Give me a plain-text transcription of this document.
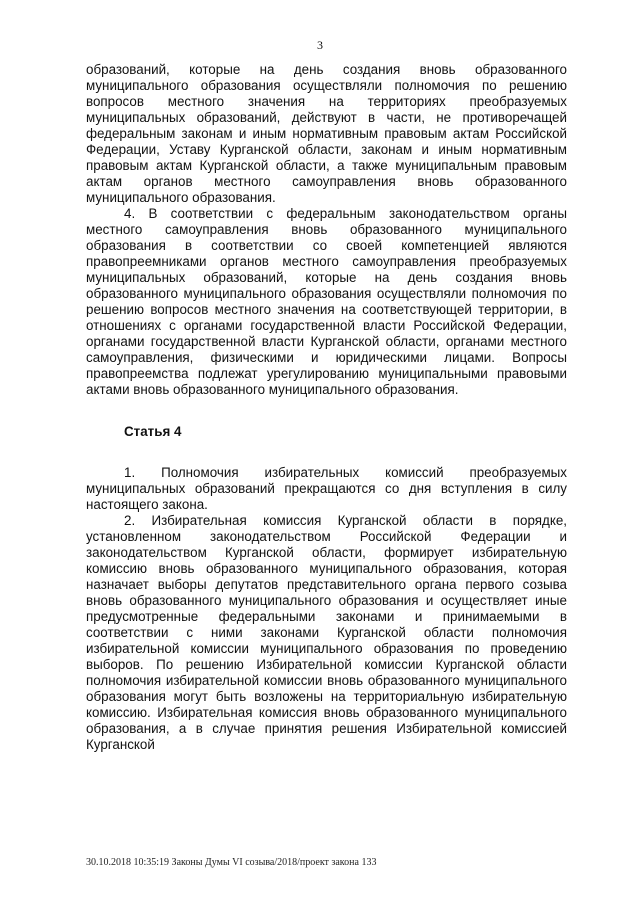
3

образований, которые на день создания вновь образованного муниципального образования осуществляли полномочия по решению вопросов местного значения на территориях преобразуемых муниципальных образований, действуют в части, не противоречащей федеральным законам и иным нормативным правовым актам Российской Федерации, Уставу Курганской области, законам и иным нормативным правовым актам Курганской области, а также муниципальным правовым актам органов местного самоуправления вновь образованного муниципального образования.

4. В соответствии с федеральным законодательством органы местного самоуправления вновь образованного муниципального образования в соответствии со своей компетенцией являются правопреемниками органов местного самоуправления преобразуемых муниципальных образований, которые на день создания вновь образованного муниципального образования осуществляли полномочия по решению вопросов местного значения на соответствующей территории, в отношениях с органами государственной власти Российской Федерации, органами государственной власти Курганской области, органами местного самоуправления, физическими и юридическими лицами. Вопросы правопреемства подлежат урегулированию муниципальными правовыми актами вновь образованного муниципального образования.

Статья 4

1. Полномочия избирательных комиссий преобразуемых муниципальных образований прекращаются со дня вступления в силу настоящего закона.

2. Избирательная комиссия Курганской области в порядке, установленном законодательством Российской Федерации и законодательством Курганской области, формирует избирательную комиссию вновь образованного муниципального образования, которая назначает выборы депутатов представительного органа первого созыва вновь образованного муниципального образования и осуществляет иные предусмотренные федеральными законами и принимаемыми в соответствии с ними законами Курганской области полномочия избирательной комиссии муниципального образования по проведению выборов. По решению Избирательной комиссии Курганской области полномочия избирательной комиссии вновь образованного муниципального образования могут быть возложены на территориальную избирательную комиссию. Избирательная комиссия вновь образованного муниципального образования, а в случае принятия решения Избирательной комиссией Курганской

30.10.2018 10:35:19 Законы Думы VI созыва/2018/проект закона 133
